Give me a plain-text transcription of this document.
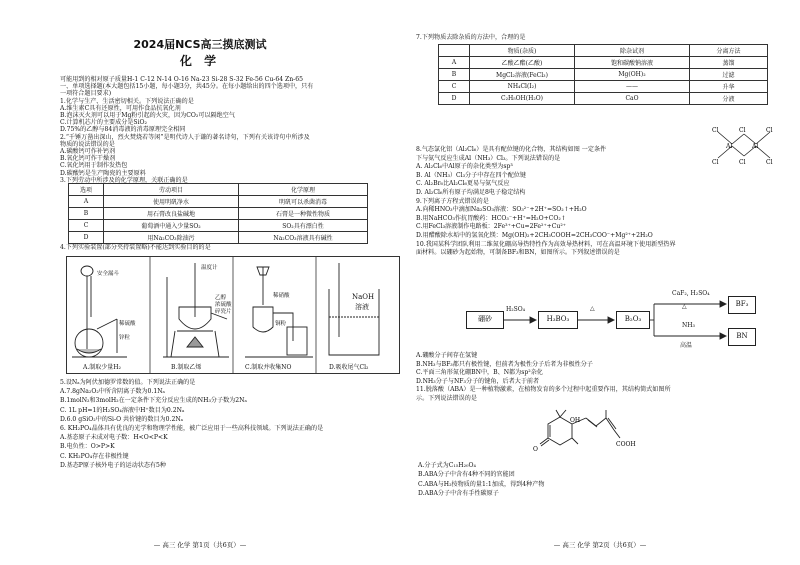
2024届NCS高三摸底测试
化 学
可能用到的相对原子质量H-1 C-12 N-14 O-16 Na-23 Si-28 S-32 Fe-56 Cu-64 Zn-65
一、单项选择题(本大题包括15小题，每小题3分，共45分。在每小题给出的四个选项中，只有
一项符合题目要求)
1.化学与生产、生活密切相关。下列说法正确的是
A.维生素C具有还原性，可用作食品抗氧化剂
B.泡沫灭火剂可以用于Mg粉引起的火灾，因为CO₂可以隔绝空气
C.计算机芯片的主要成分是SiO₂
D.75%的乙醇与84消毒液的消毒原理完全相同
2.“千锤万凿出深山，烈火焚烧若等闲”是明代诗人于谦的著名诗句，下列有关该诗句中所涉及
物质的说法错误的是
A.碳酸钙可作补钙剂
B.氧化钙可作干燥剂
C.氧化钙用于制作发热包
D.碳酸钙是生产陶瓷的主要原料
3.下列劳动中所涉及的化学原理，关联正确的是
选项	劳动项目	化学原理
A	使用明矾净水	明矾可以杀菌消毒
B	用石膏改良盐碱地	石膏是一种微性物质
C	葡萄酒中通入少量SO₂	SO₂具有漂白性
D	用Na₂CO₃除油污	Na₂CO₃溶液具有碱性
4.下列实验装置(部分夹持装置略)不能达到实验目的的是
安全漏斗
稀硫酸
锌粒
温度计
乙醇
浓硫酸
碎瓷片
稀硝酸
铜粉
NaOH
溶液
A.制取少量H₂	B.制取乙烯	C.制取并收集NO	D.吸收尾气Cl₂
5.设Nₐ为阿伏加德罗常数的值。下列说法正确的是
A.7.8gNa₂O₂中所含阴离子数为0.1Nₐ
B.1molN₂和3molH₂在一定条件下充分反应生成的NH₃分子数为2Nₐ
C. 1L pH=1的H₂SO₄溶液中H⁺数目为0.2Nₐ
D.6.0 gSiO₂中的Si-O 共价键的数目为0.2Nₐ
6. KH₂PO₄晶体具有优良的光学和物理学性能，被广泛应用于一些高科技领域。下列说法正确的是
A.基态原子未成对电子数：H<O<P<K
B.电负性：O>P>K
C. KH₂PO₄存在非极性键
D.基态P原子核外电子的运动状态有5种
— 高三 化学 第1页（共6页）—
7.下列物质去除杂质的方法中，合理的是
	物质(杂质)	除杂试剂	分离方法
A	乙酸乙酯(乙酸)	饱和碳酸钠溶液	蒸馏
B	MgCl₂溶液(FeCl₃)	Mg(OH)₂	过滤
C	NH₄Cl(I₂)	——	升华
D	C₂H₅OH(H₂O)	CaO	分液
Cl
Cl
Cl
Cl
Cl
Cl
Al	Al
8.气态氯化铝（Al₂Cl₆）是具有配位键的化合物，其结构如图 一定条件
下与氨气反应生成Al（NH₃）Cl₃。下列说法错误的是
A. Al₂Cl₆中Al原子的杂化类型为sp³
B. Al（NH₃）Cl₃分子中存在四个配位键
C. Al₂Br₆比Al₂Cl₆更易与氨气反应
D. Al₂Cl₆所有原子均满足8电子稳定结构
9.下列离子方程式错误的是
A.向稀HNO₃中滴加Na₂SO₃溶液：SO₃²⁻+2H⁺=SO₂↑+H₂O
B.用NaHCO₃作抗胃酸药：HCO₃⁻+H⁺=H₂O+CO₂↑
C.用FeCl₃溶液制作电路板：2Fe³⁺+Cu=2Fe²⁺+Cu²⁺
D.用醋酸除水垢中的氢氧化镁：Mg(OH)₂+2CH₃COOH=2CH₃COO⁻+Mg²⁺+2H₂O
10.我国某科学团队利用二维氮化硼高导热特性作为高效导热材料，可在高温环境下使用新型热界
面材料。以硼砂为起始物，可制备BF₃和BN，如图所示。下列叙述错误的是
硼砂	H₃BO₃	B₂O₃
BF₃
BN
H₂SO₄	△
CaF₂, H₂SO₄
△
NH₃
高温
A.硼酸分子间存在氢键
B.NH₃与BF₃都只有极性键，但前者为极性分子后者为非极性分子
C.平面三角形氮化硼BN中，B、N都为sp²杂化
D.NH₃分子与NF₃分子的键角，后者大于前者
11.脱落酸（ABA）是一种植物激素，在植物发育的多个过程中起重要作用，其结构简式如图所
示。下列说法错误的是
O
OH
COOH
A.分子式为C₁₅H₂₀O₄
B.ABA分子中含有4种不同的官能团
C.ABA与H₂按物质的量1:1加成，得到4种产物
D.ABA分子中含有手性碳原子
— 高三 化学 第2页（共6页）—
